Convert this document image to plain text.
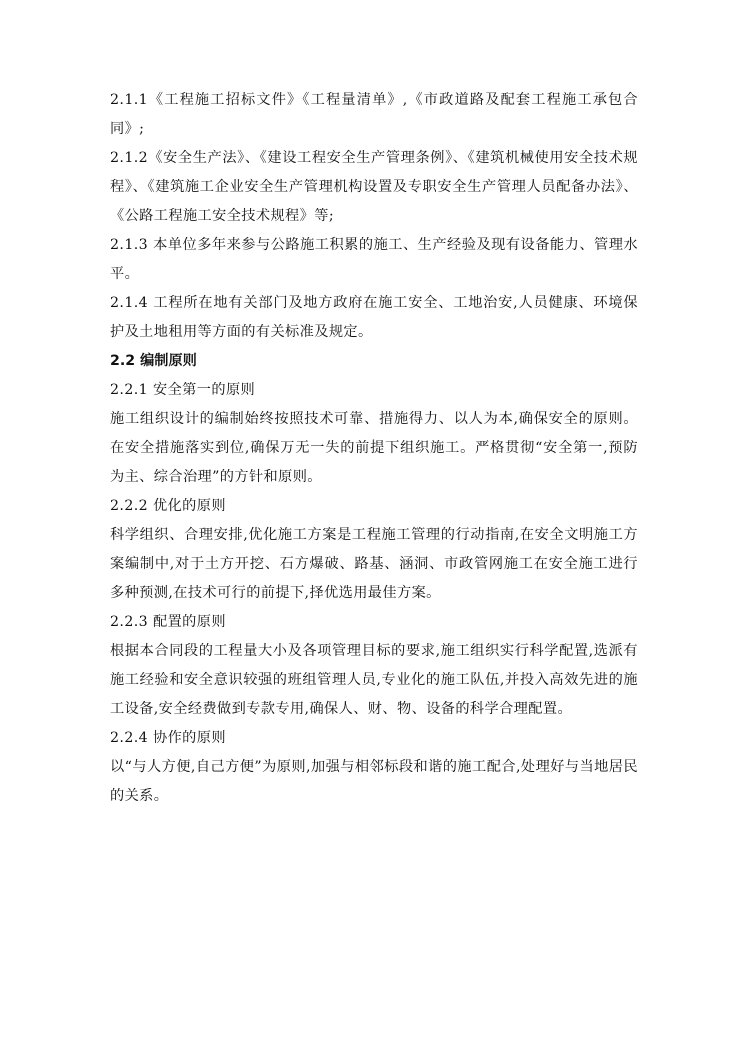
2.1.1《工程施工招标文件》《工程量清单》,《市政道路及配套工程施工承包合同》;

2.1.2《安全生产法》、《建设工程安全生产管理条例》、《建筑机械使用安全技术规程》、《建筑施工企业安全生产管理机构设置及专职安全生产管理人员配备办法》、《公路工程施工安全技术规程》等;

2.1.3 本单位多年来参与公路施工积累的施工、生产经验及现有设备能力、管理水平。

2.1.4 工程所在地有关部门及地方政府在施工安全、工地治安,人员健康、环境保护及土地租用等方面的有关标准及规定。

2.2 编制原则

2.2.1 安全第一的原则

施工组织设计的编制始终按照技术可靠、措施得力、以人为本,确保安全的原则。在安全措施落实到位,确保万无一失的前提下组织施工。严格贯彻“安全第一,预防为主、综合治理”的方针和原则。

2.2.2 优化的原则

科学组织、合理安排,优化施工方案是工程施工管理的行动指南,在安全文明施工方案编制中,对于土方开挖、石方爆破、路基、涵洞、市政管网施工在安全施工进行多种预测,在技术可行的前提下,择优选用最佳方案。

2.2.3 配置的原则

根据本合同段的工程量大小及各项管理目标的要求,施工组织实行科学配置,选派有施工经验和安全意识较强的班组管理人员,专业化的施工队伍,并投入高效先进的施工设备,安全经费做到专款专用,确保人、财、物、设备的科学合理配置。

2.2.4 协作的原则

以“与人方便,自己方便”为原则,加强与相邻标段和谐的施工配合,处理好与当地居民的关系。
